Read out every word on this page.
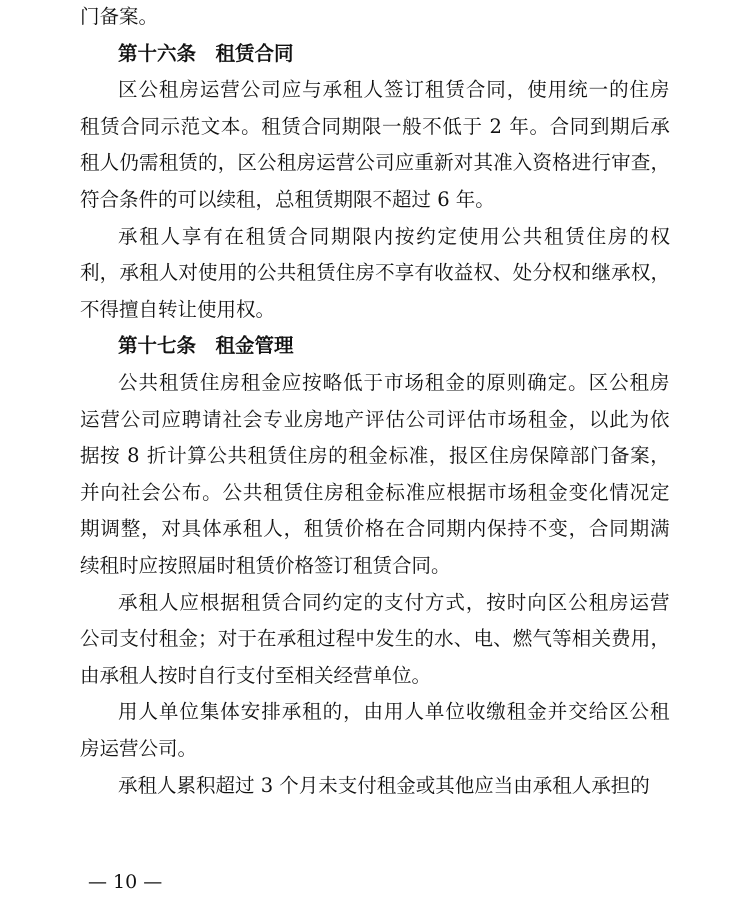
门备案。

第十六条　租赁合同

区公租房运营公司应与承租人签订租赁合同，使用统一的住房

租赁合同示范文本。租赁合同期限一般不低于 2 年。合同到期后承

租人仍需租赁的，区公租房运营公司应重新对其准入资格进行审查，

符合条件的可以续租，总租赁期限不超过 6 年。

承租人享有在租赁合同期限内按约定使用公共租赁住房的权

利，承租人对使用的公共租赁住房不享有收益权、处分权和继承权，

不得擅自转让使用权。

第十七条　租金管理

公共租赁住房租金应按略低于市场租金的原则确定。区公租房

运营公司应聘请社会专业房地产评估公司评估市场租金，以此为依

据按 8 折计算公共租赁住房的租金标准，报区住房保障部门备案，

并向社会公布。公共租赁住房租金标准应根据市场租金变化情况定

期调整，对具体承租人，租赁价格在合同期内保持不变，合同期满

续租时应按照届时租赁价格签订租赁合同。

承租人应根据租赁合同约定的支付方式，按时向区公租房运营

公司支付租金；对于在承租过程中发生的水、电、燃气等相关费用，

由承租人按时自行支付至相关经营单位。

用人单位集体安排承租的，由用人单位收缴租金并交给区公租

房运营公司。

承租人累积超过 3 个月未支付租金或其他应当由承租人承担的

— 10 —
